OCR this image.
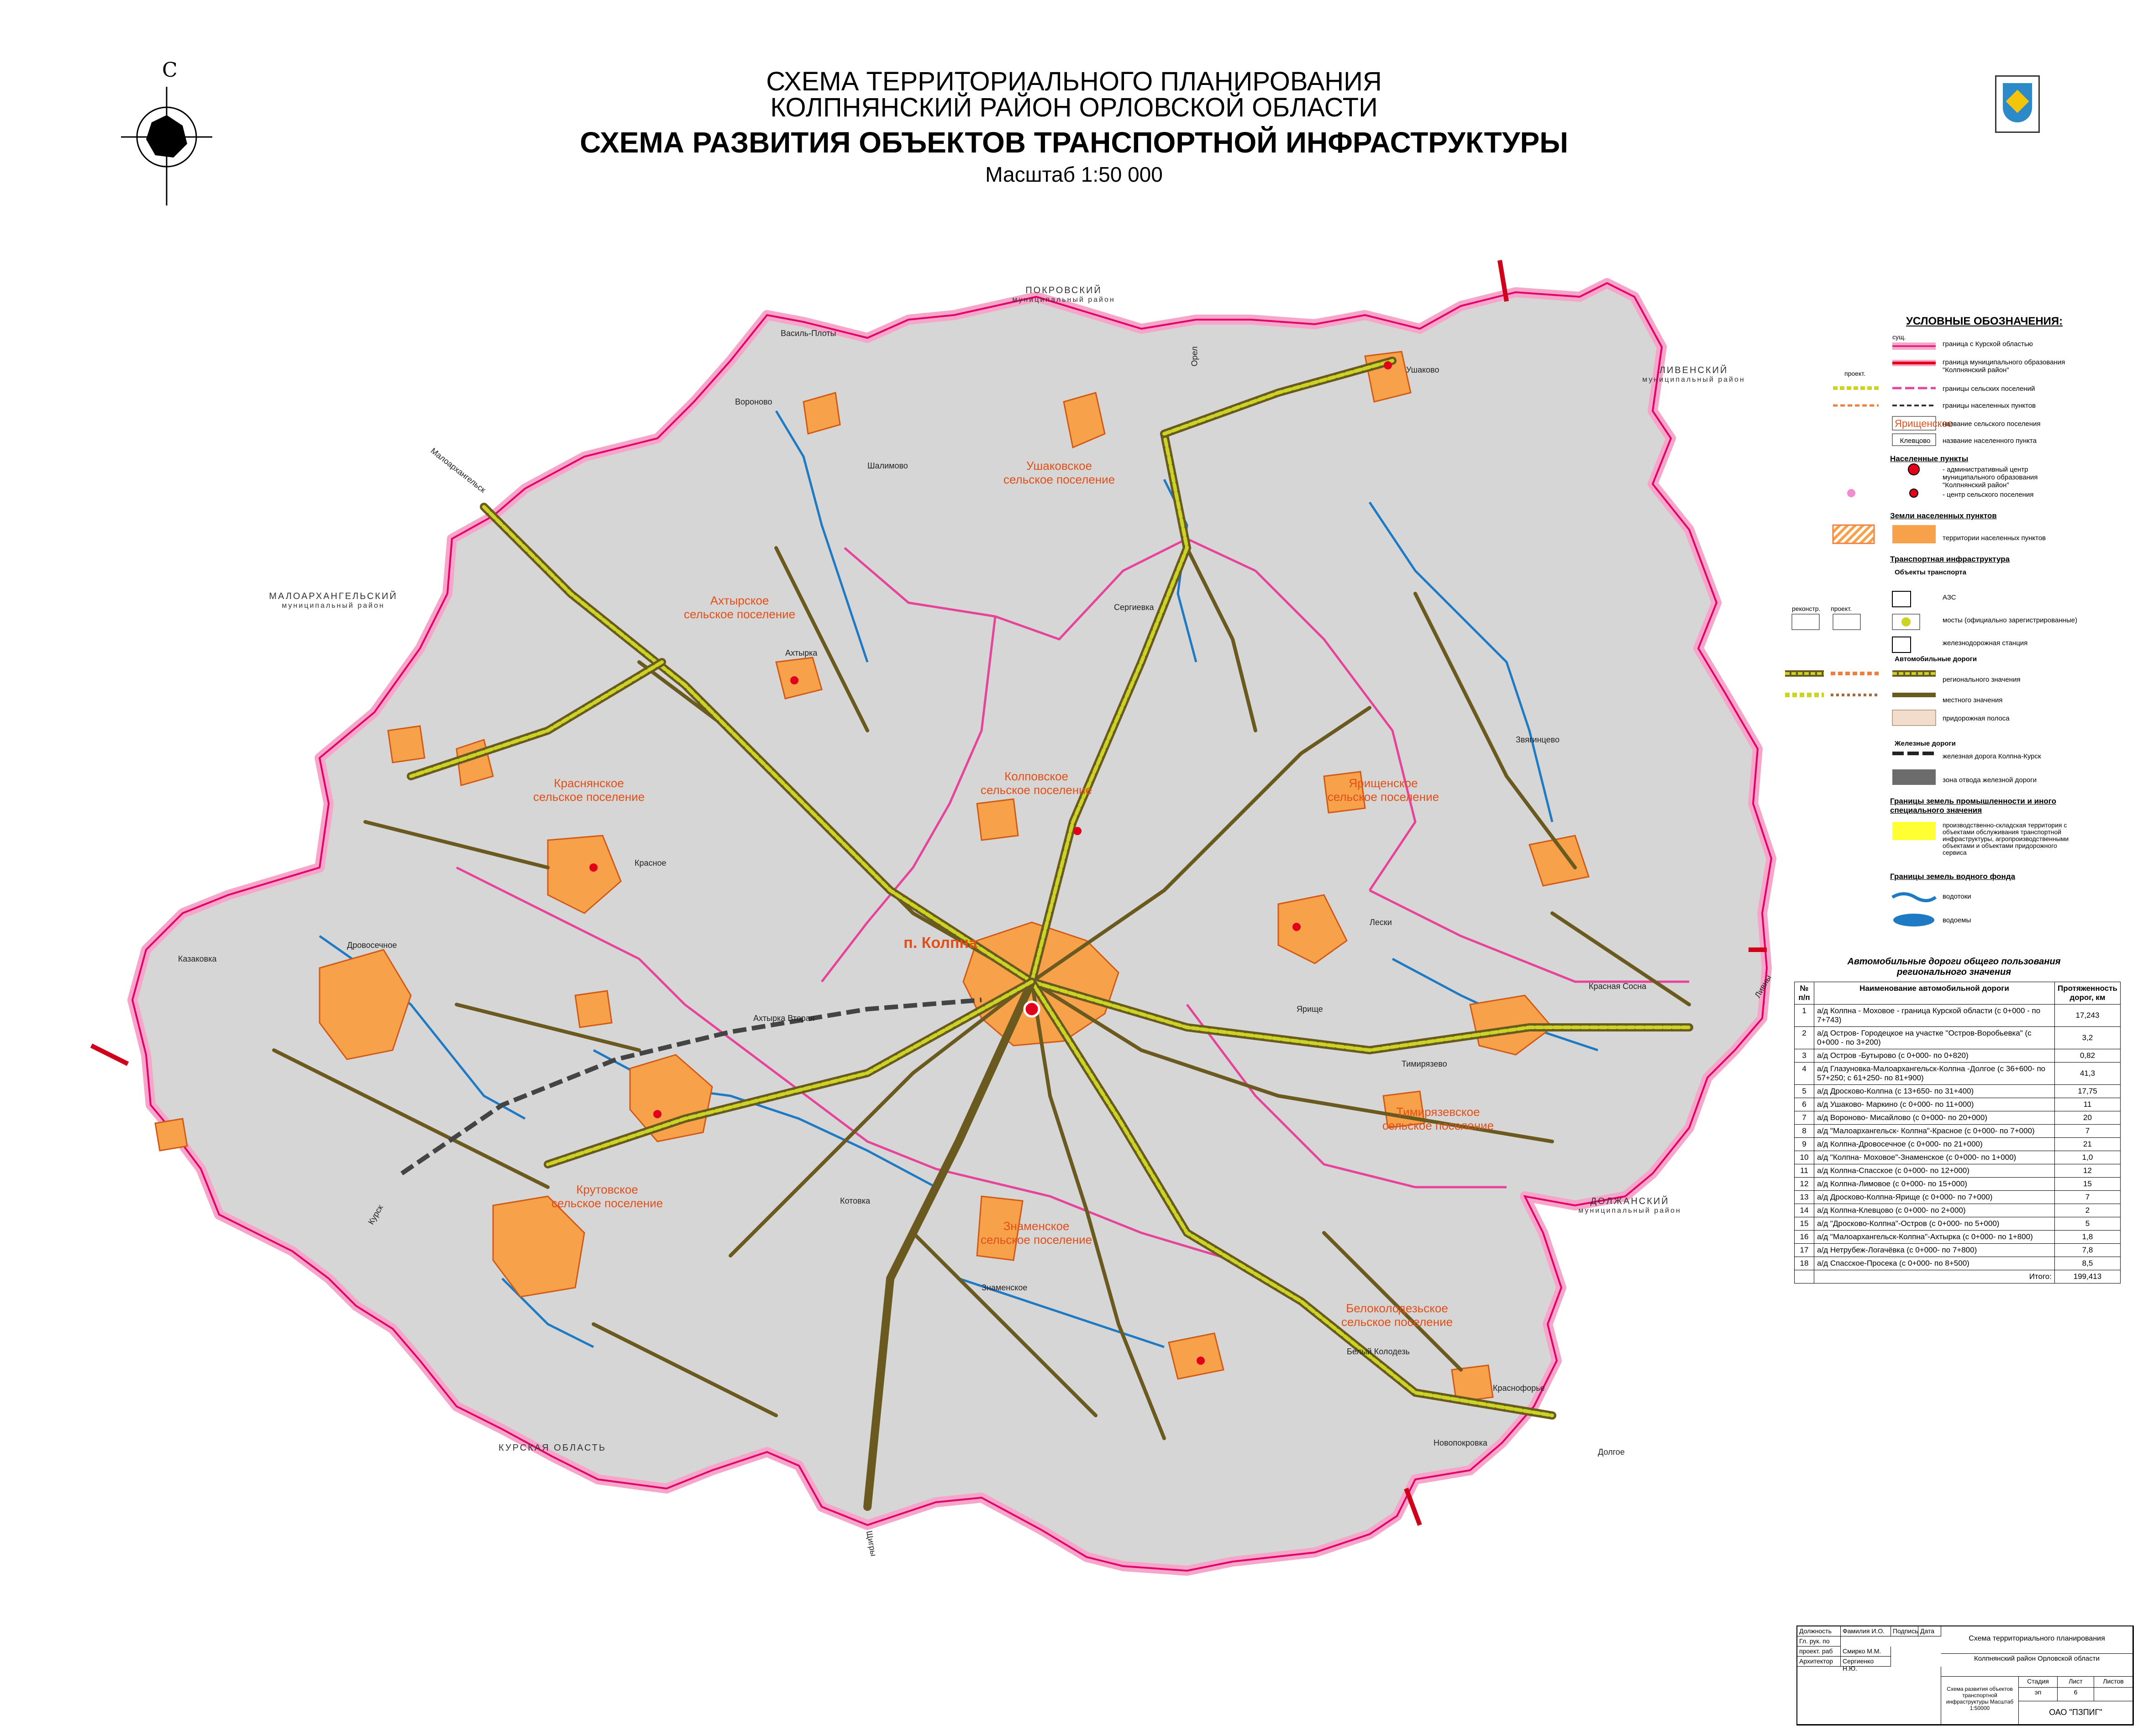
СХЕМА ТЕРРИТОРИАЛЬНОГО ПЛАНИРОВАНИЯ
КОЛПНЯНСКИЙ РАЙОН ОРЛОВСКОЙ ОБЛАСТИ
СХЕМА РАЗВИТИЯ ОБЪЕКТОВ ТРАНСПОРТНОЙ ИНФРАСТРУКТУРЫ
Масштаб 1:50 000
С
ПОКРОВСКИЙ
муниципальный район
ЛИВЕНСКИЙ
муниципальный район
МАЛОАРХАНГЕЛЬСКИЙ
муниципальный район
ДОЛЖАНСКИЙ
муниципальный район
КУРСКАЯ ОБЛАСТЬ
Ушаковское
сельское поселение
Ахтырское
сельское поселение
Краснянское
сельское поселение
Колповское
сельское поселение	Ярищенское
сельское поселение
Тимирязевское
сельское поселение
Крутовское
сельское поселение
Знаменское
сельское поселение
Белоколодезьское
сельское поселение
п. Колпна
Малоархангельск
Ливны
Курск
Щигры
Долгое
Орел
Василь-Плоты
Вороново
Шалимово
Ушаково
Сергиевка
Ахтырка
Красное
Дровосечное
Казаковка
Знаменское
Белый Колодезь
Тимирязево
Краснофорье
Новопокровка
Звягинцево
Красная Сосна
Лески
Ярище
Котовка
Ахтырка Вторая
УСЛОВНЫЕ ОБОЗНАЧЕНИЯ:
сущ.
проект.
реконстр. проект.
граница с Курской областью
граница муниципального образования "Колпнянский район"
границы сельских поселений
границы населенных пунктов
Ярищенское
название сельского поселения
Клевцово	название населенного пункта
Населенные пункты
- административный центр муниципального образования "Колпнянский район"
- центр сельского поселения
Земли населенных пунктов
территории населенных пунктов
Транспортная инфраструктура
Объекты транспорта
АЗС
мосты (официально зарегистрированные)
железнодорожная станция
Автомобильные дороги
регионального значения
местного значения
придорожная полоса
Железные дороги
железная дорога Колпна-Курск
зона отвода железной дороги
Границы земель промышленности и иного специального значения
производственно-складская территория с объектами обслуживания транспортной инфраструктуры, агропроизводственными объектами и объектами придорожного сервиса
Границы земель водного фонда
водотоки
водоемы
Автомобильные дороги общего пользования
регионального значения
№ п/п	Наименование автомобильной дороги	Протяженность дорог, км
1	а/д Колпна - Моховое - граница Курской области (с 0+000 - по 7+743)	17,243
2	а/д Остров- Городецкое на участке "Остров-Воробьевка" (с 0+000 - по 3+200)	3,2
3	а/д Остров -Бутырово (с 0+000- по 0+820)	0,82
4	а/д Глазуновка-Малоархангельск-Колпна -Долгое (с 36+600- по 57+250; с 61+250- по 81+900)	41,3
5	а/д Дросково-Колпна (с 13+650- по 31+400)	17,75
6	а/д Ушаково- Маркино (с 0+000- по 11+000)	11
7	а/д Вороново- Мисайлово (с 0+000- по 20+000)	20
8	а/д "Малоархангельск- Колпна"-Красное (с 0+000- по 7+000)	7
9	а/д Колпна-Дровосечное (с 0+000- по 21+000)	21
10	а/д "Колпна- Моховое"-Знаменское (с 0+000- по 1+000)	1,0
11	а/д Колпна-Спасское (с 0+000- по 12+000)	12
12	а/д Колпна-Лимовое (с 0+000- по 15+000)	15
13	а/д Дросково-Колпна-Ярище (с 0+000- по 7+000)	7
14	а/д Колпна-Клевцово (с 0+000- по 2+000)	2
15	а/д "Дросково-Колпна"-Остров (с 0+000- по 5+000)	5
16	а/д "Малоархангельск-Колпна"-Ахтырка (с 0+000- по 1+800)	1,8
17	а/д Нетрубеж-Логачёвка (с 0+000- по 7+800)	7,8
18	а/д Спасское-Просека (с 0+000- по 8+500)	8,5
	Итого:	199,413
Должность	Фамилия И.О.	Подпись Дата
Гл. рук. по
проект. раб	Смирко М.М.
Архитектор	Сергиенко Н.Ю.
Схема территориального планирования
Колпнянский район Орловской области
Схема развития объектов транспортной инфраструктуры Масштаб 1:50000
Стадия	Лист	Листов
эп	6
ОАО "ПЗПИГ"
